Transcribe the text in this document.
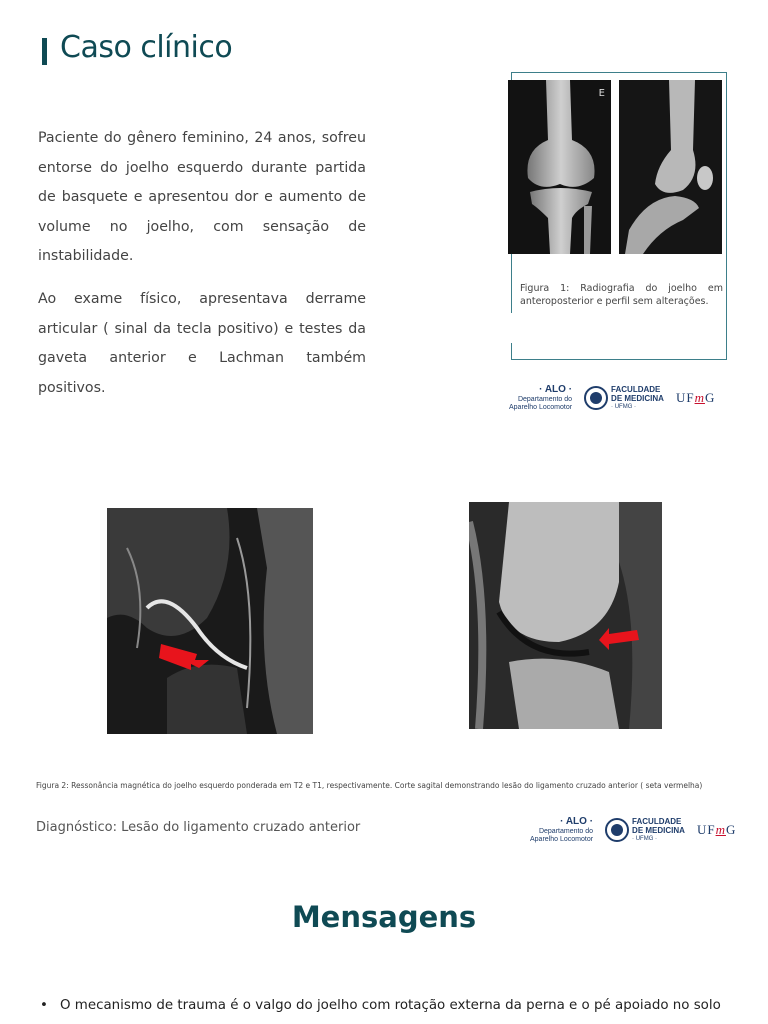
Caso clínico

Paciente do gênero feminino, 24 anos, sofreu entorse do joelho esquerdo durante partida de basquete e apresentou dor e aumento de volume no joelho, com sensação de instabilidade.

Ao exame físico, apresentava derrame articular ( sinal da tecla positivo) e testes da gaveta anterior e Lachman também positivos.

E

Figura 1: Radiografia do joelho em anteroposterior e perfil sem alterações.

· ALO ·
Departamento do
Aparelho Locomotor
FACULDADE
DE MEDICINA
· UFMG ·
UFmG

Figura 2: Ressonância magnética do joelho esquerdo ponderada em T2 e T1, respectivamente. Corte sagital demonstrando lesão do ligamento cruzado anterior ( seta vermelha)

Diagnóstico: Lesão do ligamento cruzado anterior	· ALO ·
Departamento do
Aparelho Locomotor
FACULDADE
DE MEDICINA
· UFMG ·
UFmG
Mensagens

• O mecanismo de trauma é o valgo do joelho com rotação externa da perna e o pé apoiado no solo
